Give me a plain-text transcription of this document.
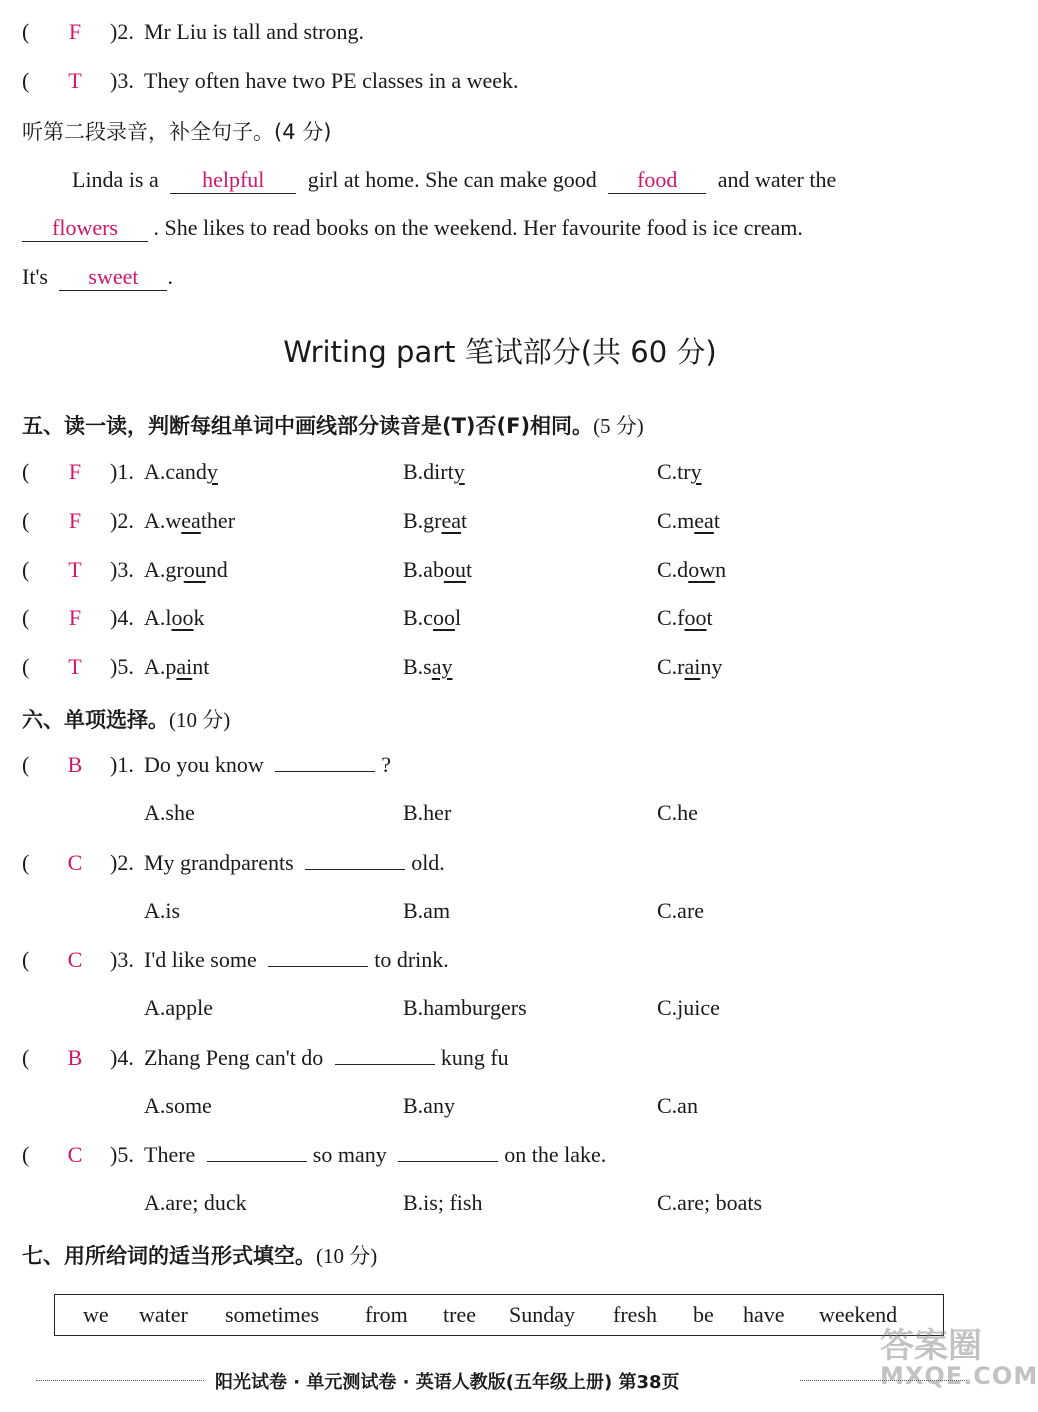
( F )2. Mr Liu is tall and strong.
( T )3. They often have two PE classes in a week.
听第二段录音，补全句子。(4 分)
Linda is a helpful girl at home. She can make good food and water the
flowers . She likes to read books on the weekend. Her favourite food is ice cream.
It's sweet .
Writing part 笔试部分(共 60 分)
五、读一读，判断每组单词中画线部分读音是(T)否(F)相同。(5 分)
( F )1. A.candy	B.dirty	C.try
( F )2. A.weather	B.great	C.meat
( T )3. A.ground	B.about	C.down
( F )4. A.look	B.cool	C.foot
( T )5. A.paint	B.say	C.rainy
六、单项选择。(10 分)
( B )1. Do you know	?
A.she	B.her	C.he
( C )2. My grandparents	old.
A.is	B.am	C.are
( C )3. I'd like some	to drink.
A.apple	B.hamburgers	C.juice
( B )4. Zhang Peng can't do	kung fu
A.some	B.any	C.an
( C )5. There	so many	on the lake.
A.are; duck	B.is; fish	C.are; boats
七、用所给词的适当形式填空。(10 分)
we water sometimes from tree Sunday fresh be have weekend
阳光试卷 · 单元测试卷 · 英语人教版(五年级上册) 第38页
答案圈
MXQE.COM
